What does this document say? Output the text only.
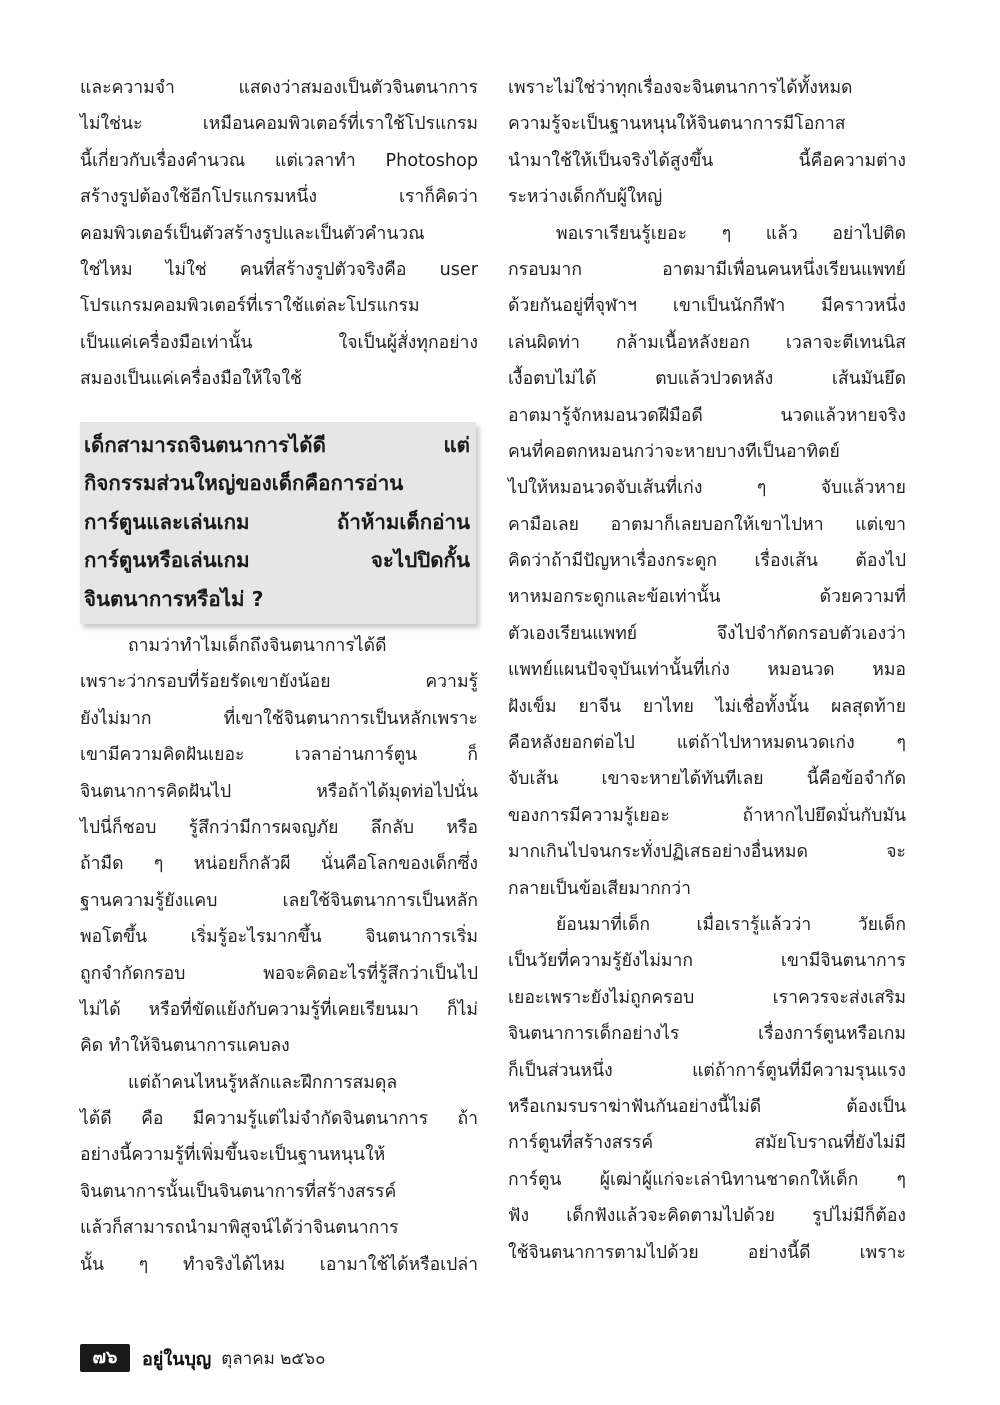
และความจำ แสดงว่าสมองเป็นตัวจินตนาการ
ไม่ใช่นะ เหมือนคอมพิวเตอร์ที่เราใช้โปรแกรม
นี้เกี่ยวกับเรื่องคำนวณ แต่เวลาทำ Photoshop
สร้างรูปต้องใช้อีกโปรแกรมหนึ่ง เราก็คิดว่า
คอมพิวเตอร์เป็นตัวสร้างรูปและเป็นตัวคำนวณ
ใช่ไหม ไม่ใช่ คนที่สร้างรูปตัวจริงคือ user
โปรแกรมคอมพิวเตอร์ที่เราใช้แต่ละโปรแกรม
เป็นแค่เครื่องมือเท่านั้น ใจเป็นผู้สั่งทุกอย่าง
สมองเป็นแค่เครื่องมือให้ใจใช้
เด็กสามารถจินตนาการได้ดี แต่
กิจกรรมส่วนใหญ่ของเด็กคือการอ่าน
การ์ตูนและเล่นเกม ถ้าห้ามเด็กอ่าน
การ์ตูนหรือเล่นเกม จะไปปิดกั้น
จินตนาการหรือไม่ ?
ถามว่าทำไมเด็กถึงจินตนาการได้ดี
เพราะว่ากรอบที่ร้อยรัดเขายังน้อย ความรู้
ยังไม่มาก ที่เขาใช้จินตนาการเป็นหลักเพราะ
เขามีความคิดฝันเยอะ เวลาอ่านการ์ตูน ก็
จินตนาการคิดฝันไป หรือถ้าได้มุดท่อไปนั่น
ไปนี่ก็ชอบ รู้สึกว่ามีการผจญภัย ลึกลับ หรือ
ถ้ามืด ๆ หน่อยก็กลัวผี นั่นคือโลกของเด็กซึ่ง
ฐานความรู้ยังแคบ เลยใช้จินตนาการเป็นหลัก
พอโตขึ้น เริ่มรู้อะไรมากขึ้น จินตนาการเริ่ม
ถูกจำกัดกรอบ พอจะคิดอะไรที่รู้สึกว่าเป็นไป
ไม่ได้ หรือที่ขัดแย้งกับความรู้ที่เคยเรียนมา ก็ไม่
คิด ทำให้จินตนาการแคบลง
แต่ถ้าคนไหนรู้หลักและฝึกการสมดุล
ได้ดี คือ มีความรู้แต่ไม่จำกัดจินตนาการ ถ้า
อย่างนี้ความรู้ที่เพิ่มขึ้นจะเป็นฐานหนุนให้
จินตนาการนั้นเป็นจินตนาการที่สร้างสรรค์
แล้วก็สามารถนำมาพิสูจน์ได้ว่าจินตนาการ
นั้น ๆ ทำจริงได้ไหม เอามาใช้ได้หรือเปล่า
เพราะไม่ใช่ว่าทุกเรื่องจะจินตนาการได้ทั้งหมด
ความรู้จะเป็นฐานหนุนให้จินตนาการมีโอกาส
นำมาใช้ให้เป็นจริงได้สูงขึ้น นี้คือความต่าง
ระหว่างเด็กกับผู้ใหญ่
พอเราเรียนรู้เยอะ ๆ แล้ว อย่าไปติด
กรอบมาก อาตมามีเพื่อนคนหนึ่งเรียนแพทย์
ด้วยกันอยู่ที่จุฬาฯ เขาเป็นนักกีฬา มีคราวหนึ่ง
เล่นผิดท่า กล้ามเนื้อหลังยอก เวลาจะตีเทนนิส
เงื้อตบไม่ได้ ตบแล้วปวดหลัง เส้นมันยึด
อาตมารู้จักหมอนวดฝีมือดี นวดแล้วหายจริง
คนที่คอตกหมอนกว่าจะหายบางทีเป็นอาทิตย์
ไปให้หมอนวดจับเส้นที่เก่ง ๆ จับแล้วหาย
คามือเลย อาตมาก็เลยบอกให้เขาไปหา แต่เขา
คิดว่าถ้ามีปัญหาเรื่องกระดูก เรื่องเส้น ต้องไป
หาหมอกระดูกและข้อเท่านั้น ด้วยความที่
ตัวเองเรียนแพทย์ จึงไปจำกัดกรอบตัวเองว่า
แพทย์แผนปัจจุบันเท่านั้นที่เก่ง หมอนวด หมอ
ฝังเข็ม ยาจีน ยาไทย ไม่เชื่อทั้งนั้น ผลสุดท้าย
คือหลังยอกต่อไป แต่ถ้าไปหาหมดนวดเก่ง ๆ
จับเส้น เขาจะหายได้ทันทีเลย นี้คือข้อจำกัด
ของการมีความรู้เยอะ ถ้าหากไปยึดมั่นกับมัน
มากเกินไปจนกระทั่งปฏิเสธอย่างอื่นหมด จะ
กลายเป็นข้อเสียมากกว่า
ย้อนมาที่เด็ก เมื่อเรารู้แล้วว่า วัยเด็ก
เป็นวัยที่ความรู้ยังไม่มาก เขามีจินตนาการ
เยอะเพราะยังไม่ถูกครอบ เราควรจะส่งเสริม
จินตนาการเด็กอย่างไร เรื่องการ์ตูนหรือเกม
ก็เป็นส่วนหนึ่ง แต่ถ้าการ์ตูนที่มีความรุนแรง
หรือเกมรบราฆ่าฟันกันอย่างนี้ไม่ดี ต้องเป็น
การ์ตูนที่สร้างสรรค์ สมัยโบราณที่ยังไม่มี
การ์ตูน ผู้เฒ่าผู้แก่จะเล่านิทานชาดกให้เด็ก ๆ
ฟัง เด็กฟังแล้วจะคิดตามไปด้วย รูปไม่มีก็ต้อง
ใช้จินตนาการตามไปด้วย อย่างนี้ดี เพราะ
๗๖	อยู่ในบุญ ตุลาคม ๒๕๖๐
